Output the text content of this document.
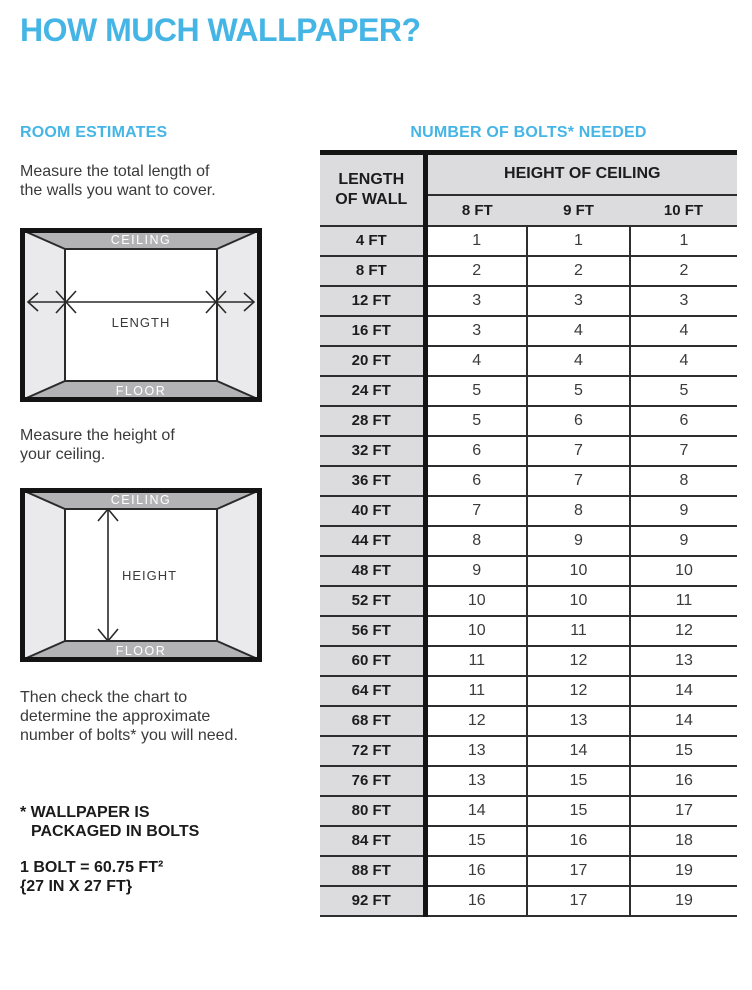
HOW MUCH WALLPAPER?
ROOM ESTIMATES	NUMBER OF BOLTS* NEEDED
Measure the total length of
the walls you want to cover.
CEILING
FLOOR
LENGTH
Measure the height of
your ceiling.
CEILING
FLOOR
HEIGHT
Then check the chart to
determine the approximate
number of bolts* you will need.
* WALLPAPER IS
PACKAGED IN BOLTS
1 BOLT = 60.75 FT²
{27 IN X 27 FT}
LENGTH
OF WALL	HEIGHT OF CEILING		
	8 FT	9 FT	10 FT
4 FT	1	1	1
8 FT	2	2	2
12 FT	3	3	3
16 FT	3	4	4
20 FT	4	4	4
24 FT	5	5	5
28 FT	5	6	6
32 FT	6	7	7
36 FT	6	7	8
40 FT	7	8	9
44 FT	8	9	9
48 FT	9	10	10
52 FT	10	10	11
56 FT	10	11	12
60 FT	11	12	13
64 FT	11	12	14
68 FT	12	13	14
72 FT	13	14	15
76 FT	13	15	16
80 FT	14	15	17
84 FT	15	16	18
88 FT	16	17	19
92 FT	16	17	19
